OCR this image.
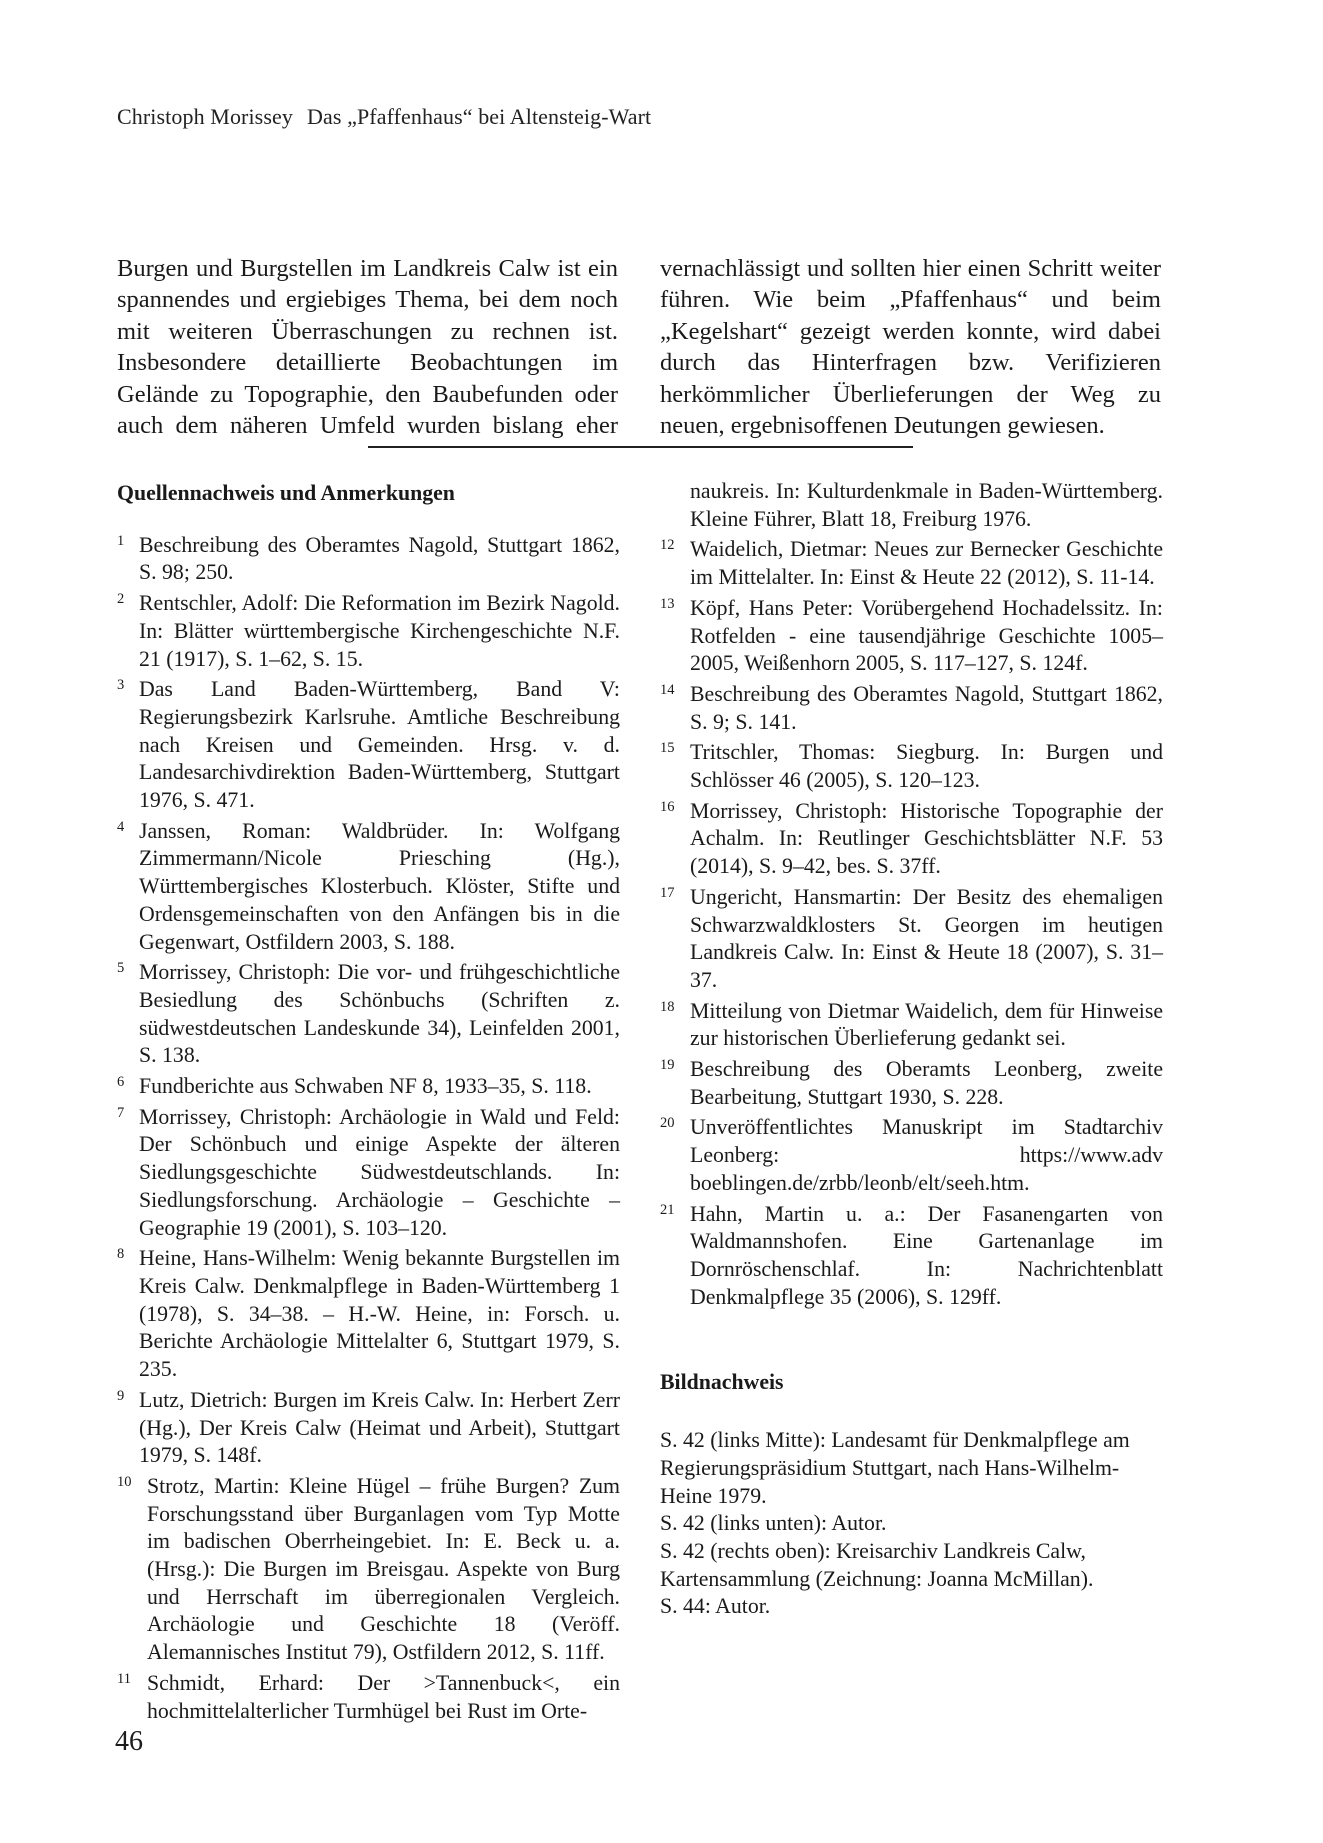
Christoph Morissey Das „Pfaffenhaus“ bei Altensteig-Wart

Burgen und Burgstellen im Landkreis Calw ist ein spannendes und ergiebiges Thema, bei dem noch mit weiteren Überraschungen zu rechnen ist. Insbesondere detaillierte Beobachtungen im Gelände zu Topographie, den Baubefunden oder auch dem näheren Umfeld wurden bislang eher

vernachlässigt und sollten hier einen Schritt weiter führen. Wie beim „Pfaffenhaus“ und beim „Kegelshart“ gezeigt werden konnte, wird dabei durch das Hinterfragen bzw. Verifizieren herkömmlicher Überlieferungen der Weg zu neuen, ergebnisoffenen Deutungen gewiesen.

Quellennachweis und Anmerkungen

1 Beschreibung des Oberamtes Nagold, Stuttgart 1862, S. 98; 250.

2 Rentschler, Adolf: Die Reformation im Bezirk Nagold. In: Blätter württembergische Kirchengeschichte N.F. 21 (1917), S. 1–62, S. 15.

3 Das Land Baden-Württemberg, Band V: Regierungsbezirk Karlsruhe. Amtliche Beschreibung nach Kreisen und Gemeinden. Hrsg. v. d. Landesarchivdirektion Baden-Württemberg, Stuttgart 1976, S. 471.

4 Janssen, Roman: Waldbrüder. In: Wolfgang Zimmermann/Nicole Priesching (Hg.), Württembergisches Klosterbuch. Klöster, Stifte und Ordensgemeinschaften von den Anfängen bis in die Gegenwart, Ostfildern 2003, S. 188.

5 Morrissey, Christoph: Die vor- und frühgeschichtliche Besiedlung des Schönbuchs (Schriften z. südwestdeutschen Landeskunde 34), Leinfelden 2001, S. 138.

6 Fundberichte aus Schwaben NF 8, 1933–35, S. 118.

7 Morrissey, Christoph: Archäologie in Wald und Feld: Der Schönbuch und einige Aspekte der älteren Siedlungsgeschichte Südwestdeutschlands. In: Siedlungsforschung. Archäologie – Geschichte – Geographie 19 (2001), S. 103–120.

8 Heine, Hans-Wilhelm: Wenig bekannte Burgstellen im Kreis Calw. Denkmalpflege in Baden-Württemberg 1 (1978), S. 34–38. – H.-W. Heine, in: Forsch. u. Berichte Archäologie Mittelalter 6, Stuttgart 1979, S. 235.

9 Lutz, Dietrich: Burgen im Kreis Calw. In: Herbert Zerr (Hg.), Der Kreis Calw (Heimat und Arbeit), Stuttgart 1979, S. 148f.

10 Strotz, Martin: Kleine Hügel – frühe Burgen? Zum Forschungsstand über Burganlagen vom Typ Motte im badischen Oberrheingebiet. In: E. Beck u. a. (Hrsg.): Die Burgen im Breisgau. Aspekte von Burg und Herrschaft im überregionalen Vergleich. Archäologie und Geschichte 18 (Veröff. Alemannisches Institut 79), Ostfildern 2012, S. 11ff.

11 Schmidt, Erhard: Der >Tannenbuck<, ein hochmittelalterlicher Turmhügel bei Rust im Orte-

naukreis. In: Kulturdenkmale in Baden-Württemberg. Kleine Führer, Blatt 18, Freiburg 1976.

12 Waidelich, Dietmar: Neues zur Bernecker Geschichte im Mittelalter. In: Einst & Heute 22 (2012), S. 11-14.

13 Köpf, Hans Peter: Vorübergehend Hochadelssitz. In: Rotfelden - eine tausendjährige Geschichte 1005–2005, Weißenhorn 2005, S. 117–127, S. 124f.

14 Beschreibung des Oberamtes Nagold, Stuttgart 1862, S. 9; S. 141.

15 Tritschler, Thomas: Siegburg. In: Burgen und Schlösser 46 (2005), S. 120–123.

16 Morrissey, Christoph: Historische Topographie der Achalm. In: Reutlinger Geschichtsblätter N.F. 53 (2014), S. 9–42, bes. S. 37ff.

17 Ungericht, Hansmartin: Der Besitz des ehemaligen Schwarzwaldklosters St. Georgen im heutigen Landkreis Calw. In: Einst & Heute 18 (2007), S. 31–37.

18 Mitteilung von Dietmar Waidelich, dem für Hinweise zur historischen Überlieferung gedankt sei.

19 Beschreibung des Oberamts Leonberg, zweite Bearbeitung, Stuttgart 1930, S. 228.

20 Unveröffentlichtes Manuskript im Stadtarchiv Leonberg: https://www.adv boeblingen.de/zrbb/leonb/elt/seeh.htm.

21 Hahn, Martin u. a.: Der Fasanengarten von Waldmannshofen. Eine Gartenanlage im Dornröschenschlaf. In: Nachrichtenblatt Denkmalpflege 35 (2006), S. 129ff.

Bildnachweis

S. 42 (links Mitte): Landesamt für Denkmalpflege am Regierungspräsidium Stuttgart, nach Hans-Wilhelm-Heine 1979.

S. 42 (links unten): Autor.

S. 42 (rechts oben): Kreisarchiv Landkreis Calw, Kartensammlung (Zeichnung: Joanna McMillan).

S. 44: Autor.

46
